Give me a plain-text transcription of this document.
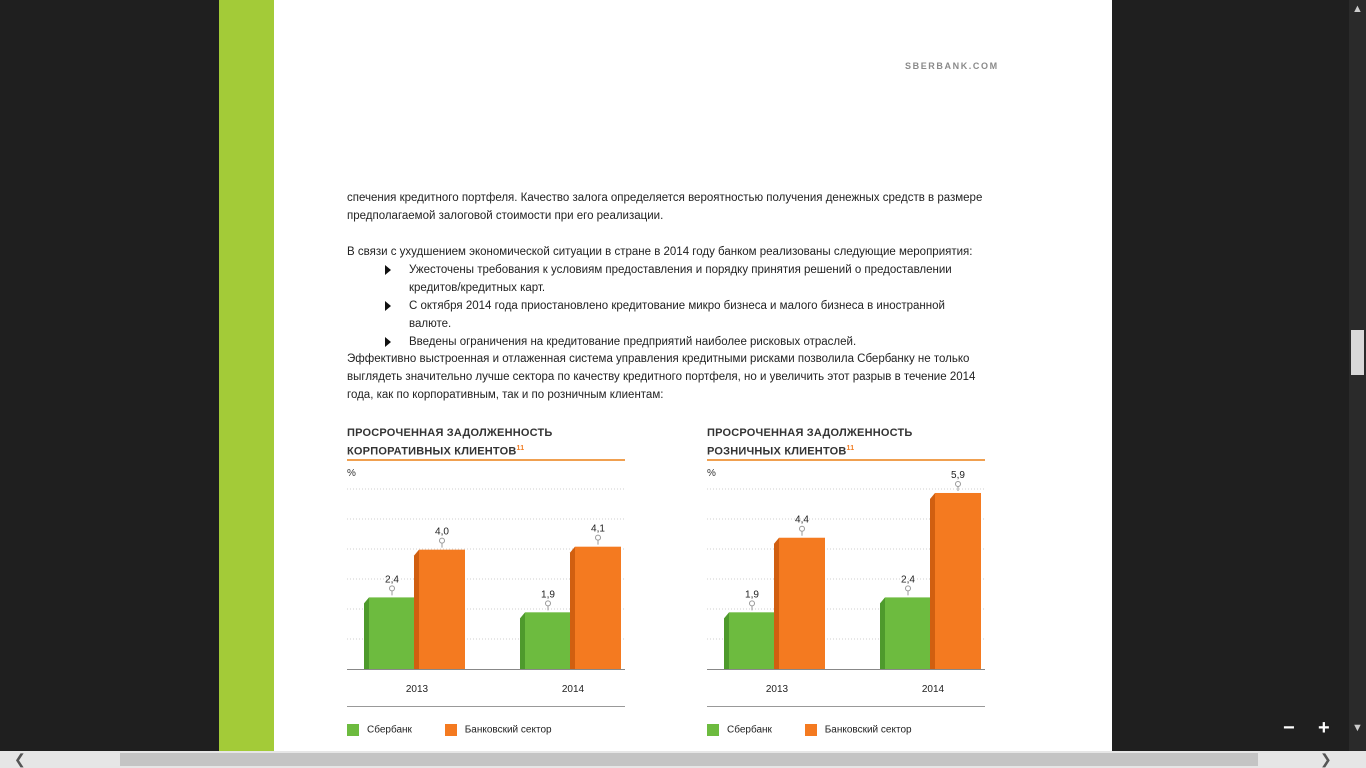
SBERBANK.COM
спечения кредитного портфеля. Качество залога определяется вероятностью получения денежных средств в размере предполагаемой залоговой стоимости при его реализации.
В связи с ухудшением экономической ситуации в стране в 2014 году банком реализованы следующие мероприятия:
Ужесточены требования к условиям предоставления и порядку принятия решений о предоставлении кредитов/кредитных карт.
С октября 2014 года приостановлено кредитование микро бизнеса и малого бизнеса в иностранной валюте.
Введены ограничения на кредитование предприятий наиболее рисковых отраслей.
Эффективно выстроенная и отлаженная система управления кредитными рисками позволила Сбербанку не только выглядеть значительно лучше сектора по качеству кредитного портфеля, но и увеличить этот разрыв в течение 2014 года, как по корпоративным, так и по розничным клиентам:
ПРОСРОЧЕННАЯ ЗАДОЛЖЕННОСТЬ
КОРПОРАТИВНЫХ КЛИЕНТОВ$^{11}$
%
2,4
4,0
2013
1,9
4,1
2014
Сбербанк	Банковский сектор
ПРОСРОЧЕННАЯ ЗАДОЛЖЕННОСТЬ
РОЗНИЧНЫХ КЛИЕНТОВ$^{11}$
%
1,9
4,4
2013
2,4
5,9
2014
Сбербанк	Банковский сектор
▲
▼
− +
❮	❯
